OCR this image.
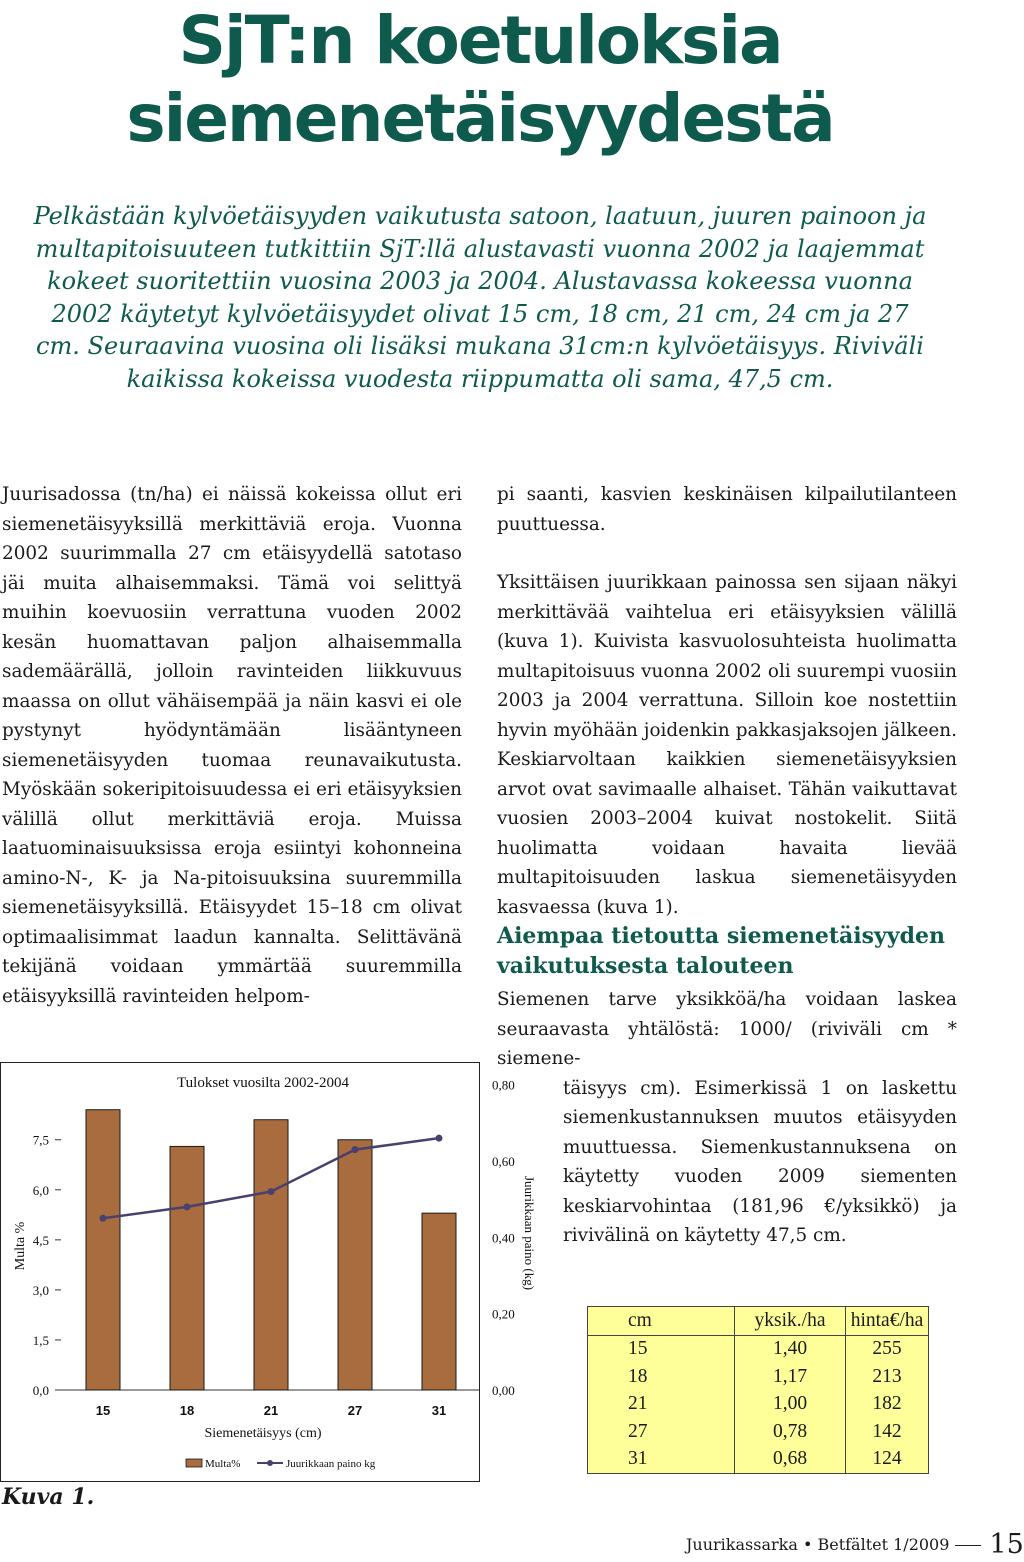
SjT:n koetuloksia
siemenetäisyydestä
Pelkästään kylvöetäisyyden vaikutusta satoon, laatuun, juuren painoon ja multapitoisuuteen tutkittiin SjT:llä alustavasti vuonna 2002 ja laajemmat kokeet suoritettiin vuosina 2003 ja 2004. Alustavassa kokeessa vuonna 2002 käytetyt kylvöetäisyydet olivat 15 cm, 18 cm, 21 cm, 24 cm ja 27 cm. Seuraavina vuosina oli lisäksi mukana 31cm:n kylvöetäisyys. Riviväli kaikissa kokeissa vuodesta riippumatta oli sama, 47,5 cm.

Juurisadossa (tn/ha) ei näissä kokeissa ollut eri siemenetäisyyksillä merkittäviä eroja. Vuonna 2002 suurimmalla 27 cm etäisyydellä satotaso jäi muita alhaisemmaksi. Tämä voi selittyä muihin koevuosiin verrattuna vuoden 2002 kesän huomattavan paljon alhaisemmalla sademäärällä, jolloin ravinteiden liikkuvuus maassa on ollut vähäisempää ja näin kasvi ei ole pystynyt hyödyntämään lisääntyneen siemenetäisyyden tuomaa reunavaikutusta. Myöskään sokeripitoisuudessa ei eri etäisyyksien välillä ollut merkittäviä eroja. Muissa laatuominaisuuksissa eroja esiintyi kohonneina amino-N-, K- ja Na-pitoisuuksina suuremmilla siemenetäisyyksillä. Etäisyydet 15–18 cm olivat optimaalisimmat laadun kannalta. Selittävänä tekijänä voidaan ymmärtää suuremmilla etäisyyksillä ravinteiden helpom-

pi saanti, kasvien keskinäisen kilpailutilanteen puuttuessa.

Yksittäisen juurikkaan painossa sen sijaan näkyi merkittävää vaihtelua eri etäisyyksien välillä (kuva 1). Kuivista kasvuolosuhteista huolimatta multapitoisuus vuonna 2002 oli suurempi vuosiin 2003 ja 2004 verrattuna. Silloin koe nostettiin hyvin myöhään joidenkin pakkasjaksojen jälkeen. Keskiarvoltaan kaikkien siemenetäisyyksien arvot ovat savimaalle alhaiset. Tähän vaikuttavat vuosien 2003–2004 kuivat nostokelit. Siitä huolimatta voidaan havaita lievää multapitoisuuden laskua siemenetäisyyden kasvaessa (kuva 1).

Aiempaa tietoutta siemenetäisyyden vaikutuksesta talouteen
Siemenen tarve yksikköä/ha voidaan laskea seuraavasta yhtälöstä: 1000/ (riviväli cm * siemene-
täisyys cm). Esimerkissä 1 on laskettu siemenkustannuksen muutos etäisyyden muuttuessa. Siemenkustannuksena on käytetty vuoden 2009 siementen keskiarvohintaa (181,96 €/yksikkö) ja rivivälinä on käytetty 47,5 cm.
Tulokset vuosilta 2002-2004
0,0
1,5
3,0
4,5
6,0
7,5
0,00
0,20
0,40
0,60
0,80
15	18	21	27	31
Siemenetäisyys (cm)
Multa %	Juurikkaan paino (kg)
Multa%	Juurikkaan paino kg
Kuva 1.
cm	yksik./ha	hinta€/ha
15	1,40	255
18	1,17	213
21	1,00	182
27	0,78	142
31	0,68	124
Juurikassarka • Betfältet 1/2009 15
